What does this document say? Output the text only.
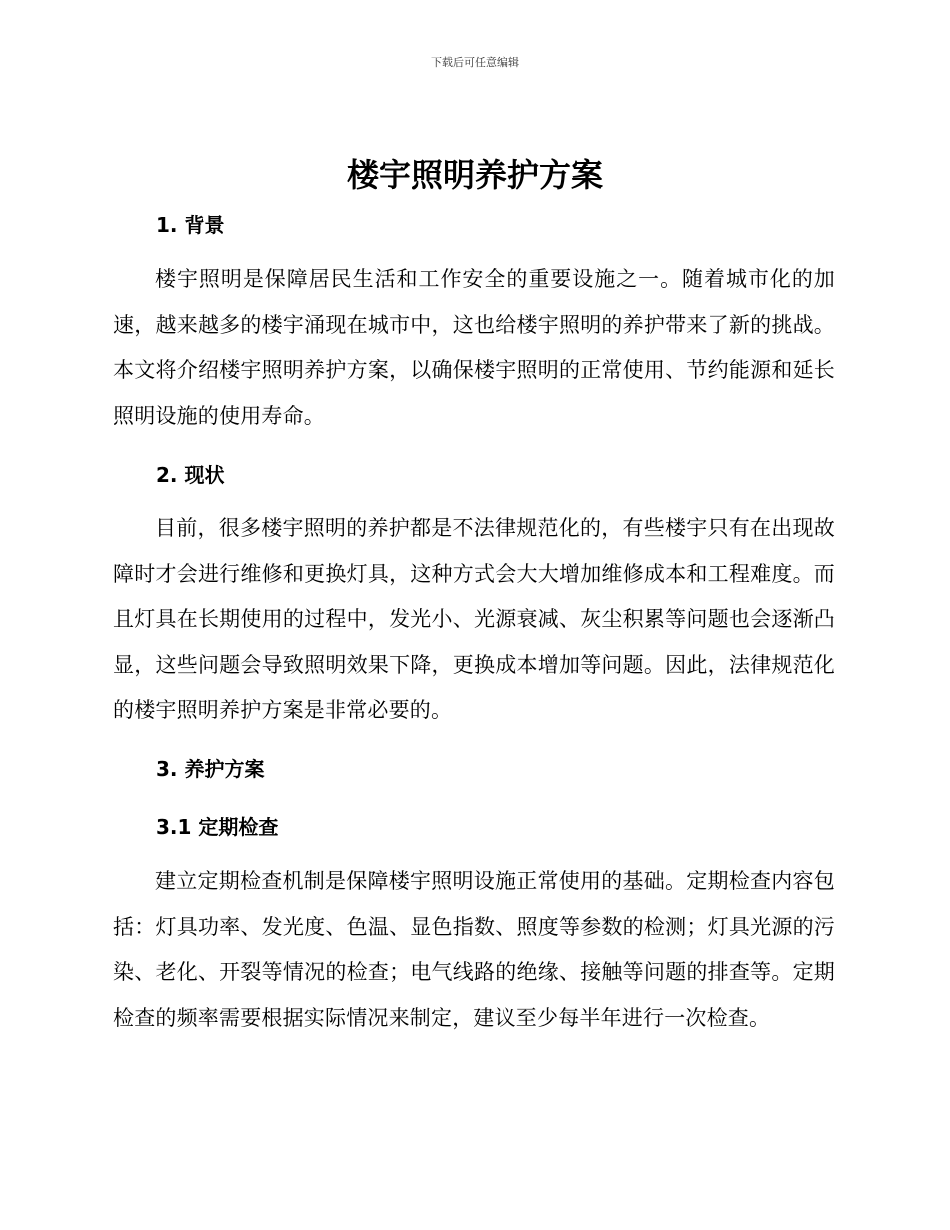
下载后可任意编辑
楼宇照明养护方案
1. 背景
楼宇照明是保障居民生活和工作安全的重要设施之一。随着城市化的加速，越来越多的楼宇涌现在城市中，这也给楼宇照明的养护带来了新的挑战。本文将介绍楼宇照明养护方案，以确保楼宇照明的正常使用、节约能源和延长照明设施的使用寿命。
2. 现状
目前，很多楼宇照明的养护都是不法律规范化的，有些楼宇只有在出现故障时才会进行维修和更换灯具，这种方式会大大增加维修成本和工程难度。而且灯具在长期使用的过程中，发光小、光源衰减、灰尘积累等问题也会逐渐凸显，这些问题会导致照明效果下降，更换成本增加等问题。因此，法律规范化的楼宇照明养护方案是非常必要的。
3. 养护方案
3.1 定期检查
建立定期检查机制是保障楼宇照明设施正常使用的基础。定期检查内容包括：灯具功率、发光度、色温、显色指数、照度等参数的检测；灯具光源的污染、老化、开裂等情况的检查；电气线路的绝缘、接触等问题的排查等。定期检查的频率需要根据实际情况来制定，建议至少每半年进行一次检查。
